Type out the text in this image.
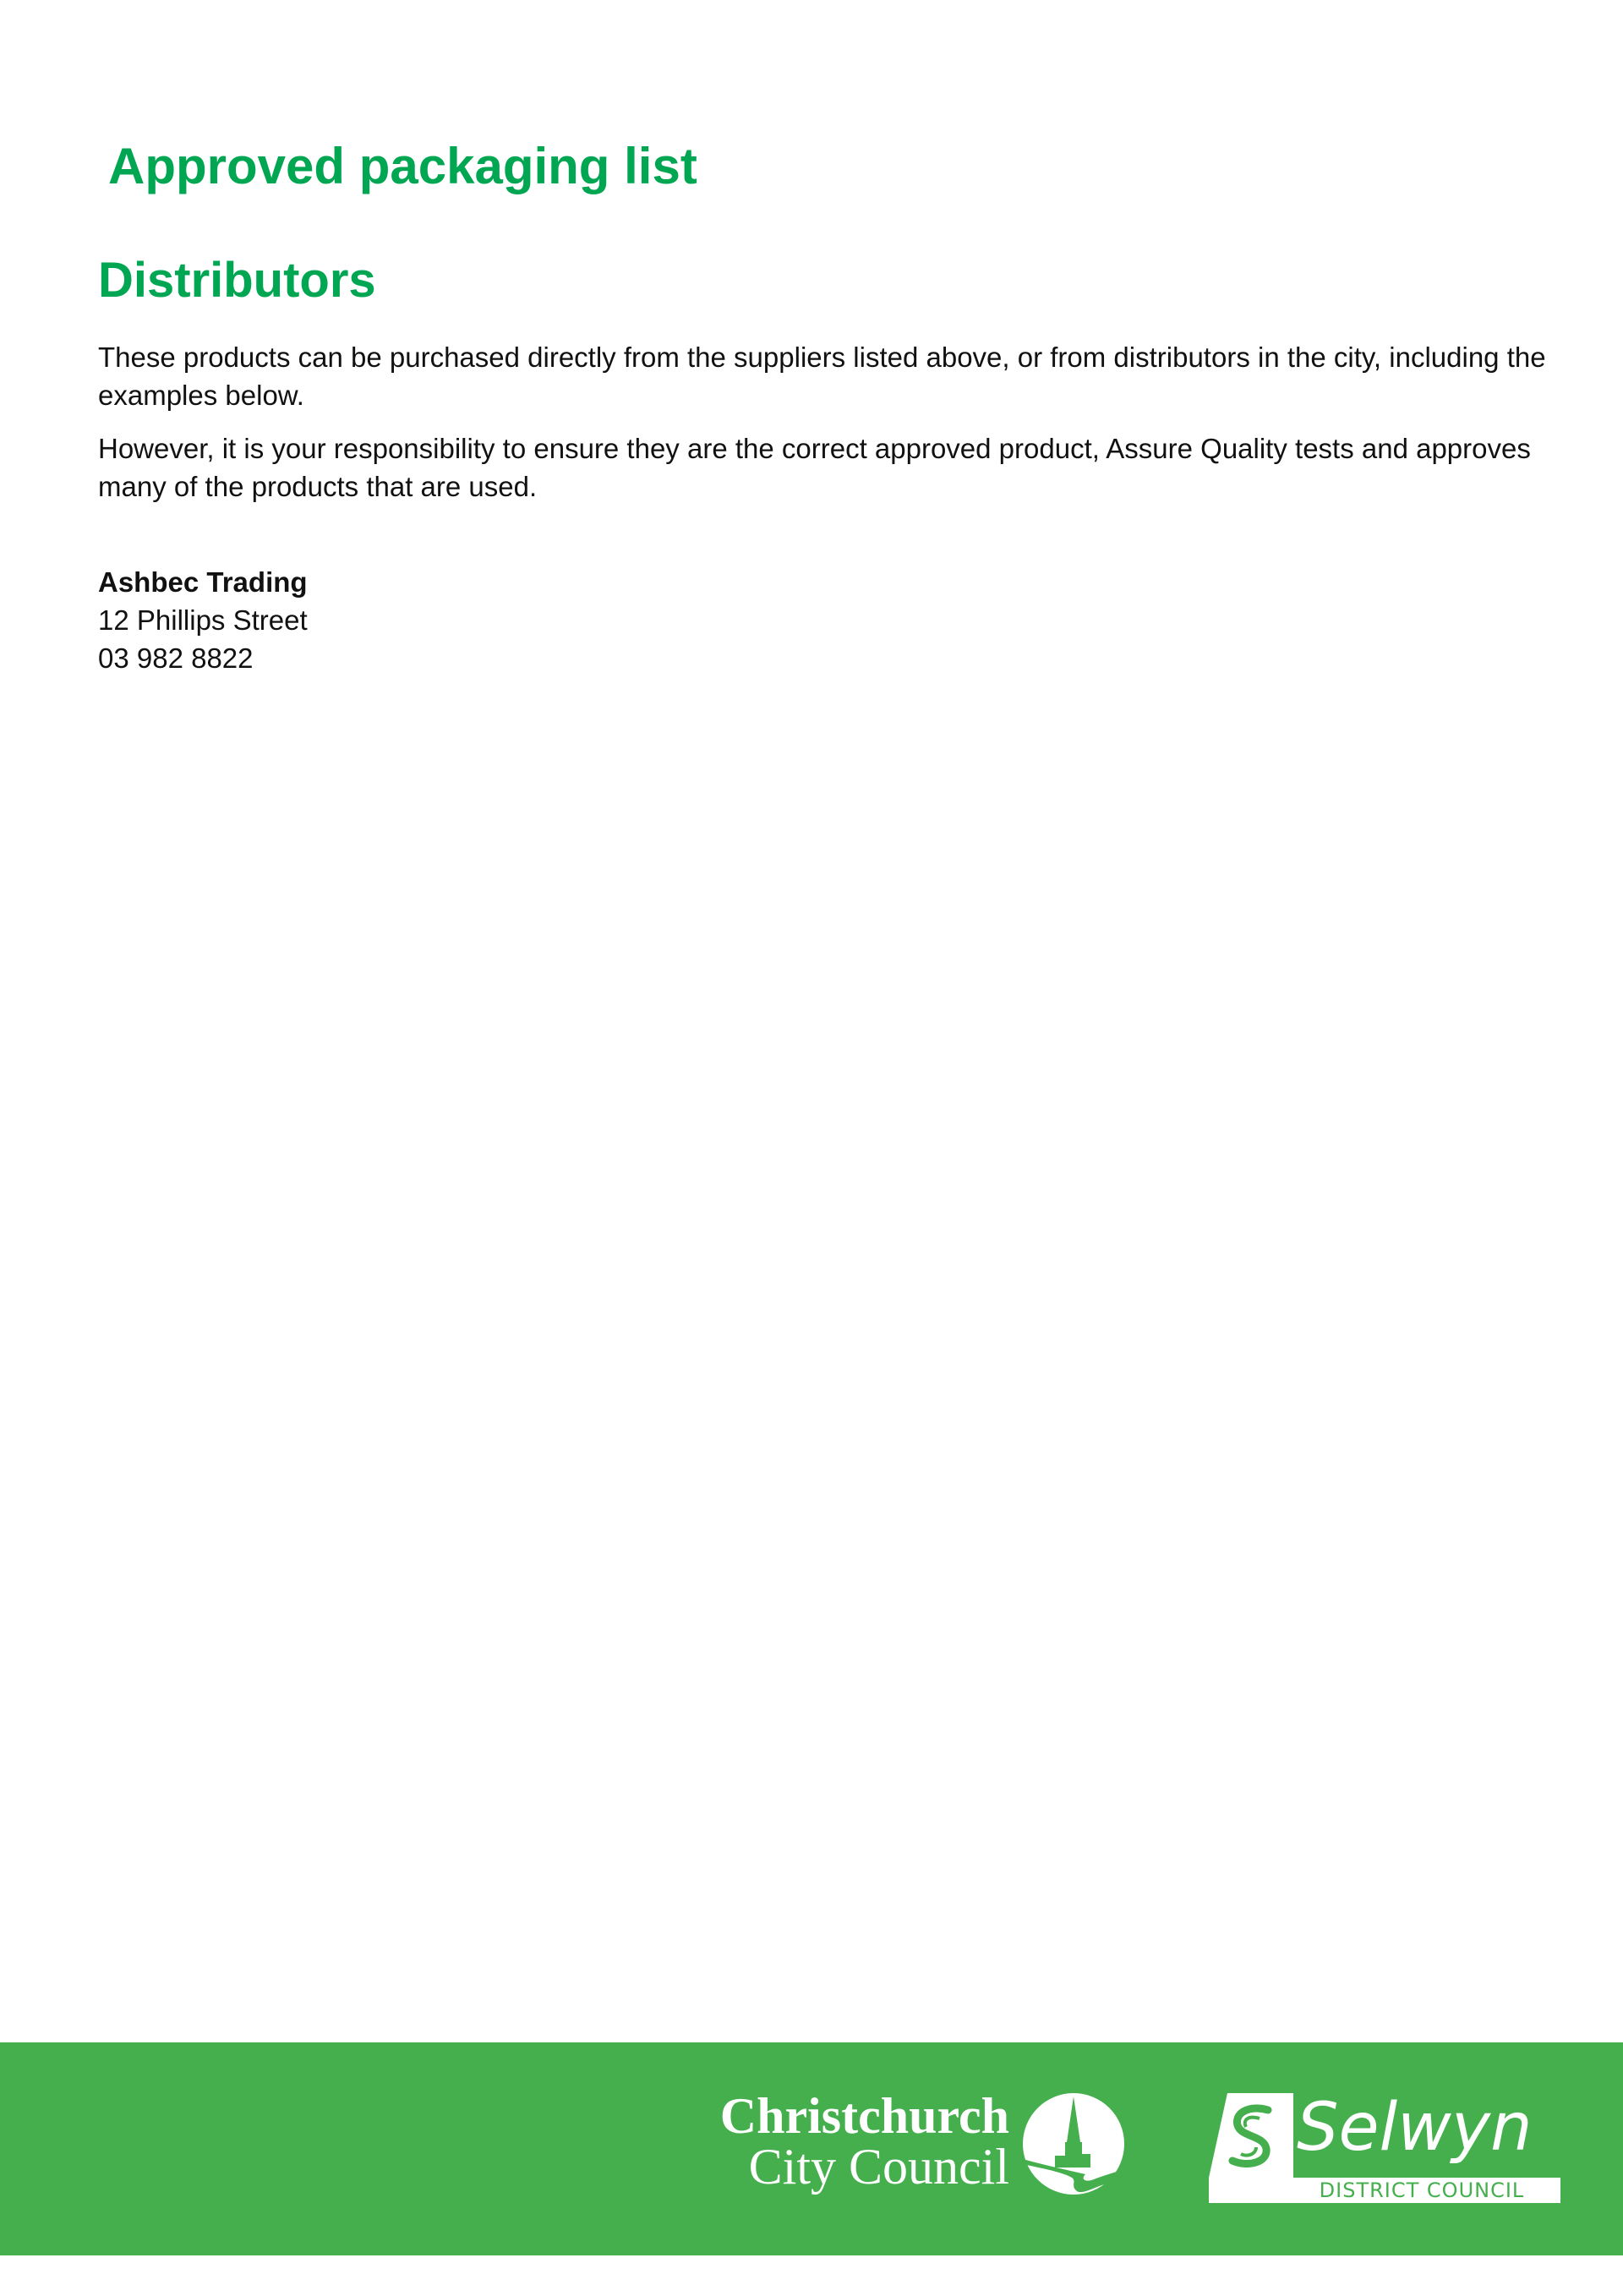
Approved packaging list
Distributors

These products can be purchased directly from the suppliers listed above, or from distributors in the city, including the examples below.

However, it is your responsibility to ensure they are the correct approved product, Assure Quality tests and approves many of the products that are used.

Ashbec Trading
12 Phillips Street
03 982 8822
Christchurch
City Council
Selwyn
DISTRICT COUNCIL
